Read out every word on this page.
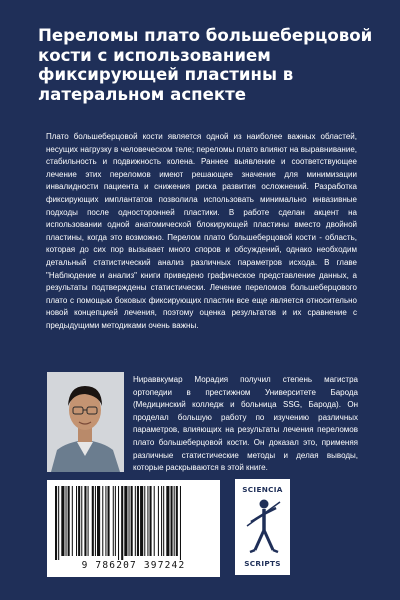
Переломы плато большеберцовой кости с использованием фиксирующей пластины в латеральном аспекте

Плато большеберцовой кости является одной из наиболее важных областей, несущих нагрузку в человеческом теле; переломы плато влияют на выравнивание, стабильность и подвижность колена. Раннее выявление и соответствующее лечение этих переломов имеют решающее значение для минимизации инвалидности пациента и снижения риска развития осложнений. Разработка фиксирующих имплантатов позволила использовать минимально инвазивные подходы после односторонней пластики. В работе сделан акцент на использовании одной анатомической блокирующей пластины вместо двойной пластины, когда это возможно. Перелом плато большеберцовой кости - область, которая до сих пор вызывает много споров и обсуждений, однако необходим детальный статистический анализ различных параметров исхода. В главе "Наблюдение и анализ" книги приведено графическое представление данных, а результаты подтверждены статистически. Лечение переломов большеберцового плато с помощью боковых фиксирующих пластин все еще является относительно новой концепцией лечения, поэтому оценка результатов и их сравнение с предыдущими методиками очень важны.

Нираввкумар Морадия получил степень магистра ортопедии в престижном Университете Барода (Медицинский колледж и больница SSG, Барода). Он проделал большую работу по изучению различных параметров, влияющих на результаты лечения переломов плато большеберцовой кости. Он доказал это, применяя различные статистические методы и делая выводы, которые раскрываются в этой книге.

9 786207 397242
SCIENCIA
SCRIPTS
